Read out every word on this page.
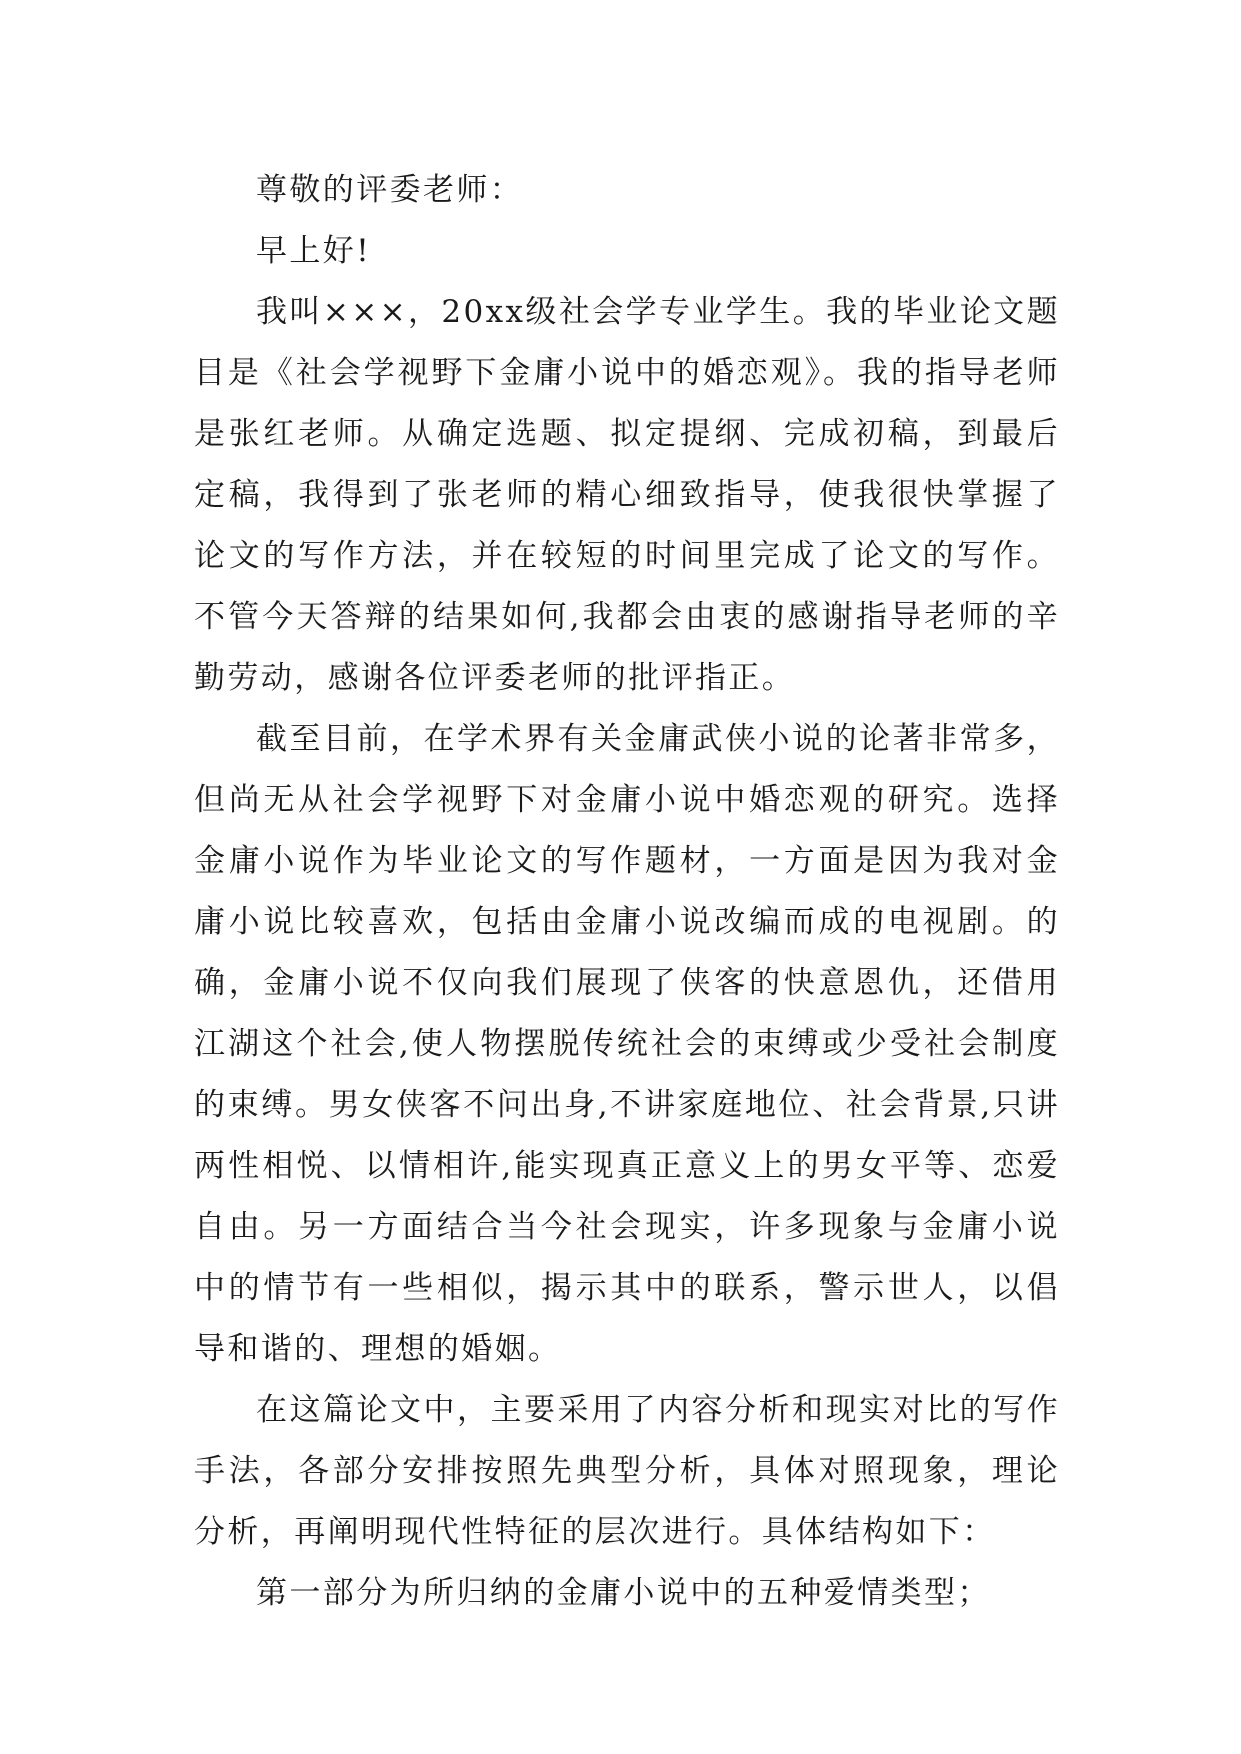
尊敬的评委老师：

早上好!

我叫×××，20xx级社会学专业学生。我的毕业论文题目是《社会学视野下金庸小说中的婚恋观》。我的指导老师是张红老师。从确定选题、拟定提纲、完成初稿，到最后定稿，我得到了张老师的精心细致指导，使我很快掌握了论文的写作方法，并在较短的时间里完成了论文的写作。不管今天答辩的结果如何,我都会由衷的感谢指导老师的辛勤劳动，感谢各位评委老师的批评指正。

截至目前，在学术界有关金庸武侠小说的论著非常多，但尚无从社会学视野下对金庸小说中婚恋观的研究。选择金庸小说作为毕业论文的写作题材，一方面是因为我对金庸小说比较喜欢，包括由金庸小说改编而成的电视剧。的确，金庸小说不仅向我们展现了侠客的快意恩仇，还借用江湖这个社会,使人物摆脱传统社会的束缚或少受社会制度的束缚。男女侠客不问出身,不讲家庭地位、社会背景,只讲两性相悦、以情相许,能实现真正意义上的男女平等、恋爱自由。另一方面结合当今社会现实，许多现象与金庸小说中的情节有一些相似，揭示其中的联系，警示世人，以倡导和谐的、理想的婚姻。

在这篇论文中，主要采用了内容分析和现实对比的写作手法，各部分安排按照先典型分析，具体对照现象，理论分析，再阐明现代性特征的层次进行。具体结构如下：

第一部分为所归纳的金庸小说中的五种爱情类型；
